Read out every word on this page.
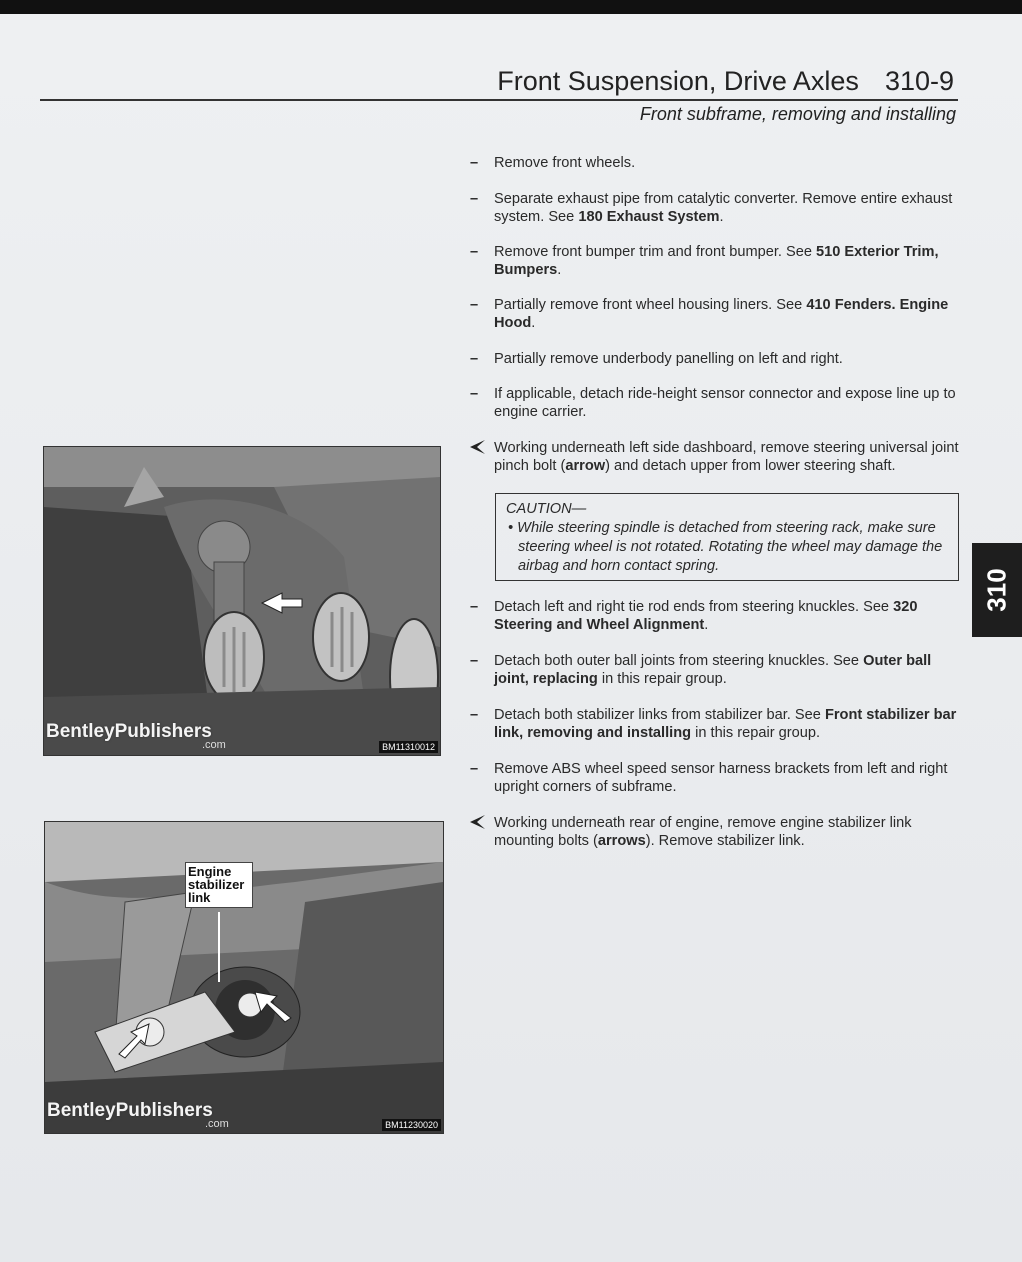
Front Suspension, Drive Axles 310-9
Front subframe, removing and installing
–	Remove front wheels.
–	Separate exhaust pipe from catalytic converter. Remove entire exhaust system. See 180 Exhaust System.
–	Remove front bumper trim and front bumper. See 510 Exterior Trim, Bumpers.
–	Partially remove front wheel housing liners. See 410 Fenders. Engine Hood.
–	Partially remove underbody panelling on left and right.
–	If applicable, detach ride-height sensor connector and expose line up to engine carrier.
Working underneath left side dashboard, remove steering universal joint pinch bolt (arrow) and detach upper from lower steering shaft.
–	Detach left and right tie rod ends from steering knuckles. See 320 Steering and Wheel Alignment.
–	Detach both outer ball joints from steering knuckles. See Outer ball joint, replacing in this repair group.
–	Detach both stabilizer links from stabilizer bar. See Front stabilizer bar link, removing and installing in this repair group.
–	Remove ABS wheel speed sensor harness brackets from left and right upright corners of subframe.
Working underneath rear of engine, remove engine stabilizer link mounting bolts (arrows). Remove stabilizer link.
CAUTION—
• While steering spindle is detached from steering rack, make sure steering wheel is not rotated. Rotating the wheel may damage the airbag and horn contact spring.
310
BentleyPublishers
.com	BM11310012
Engine stabilizer link
BentleyPublishers
.com	BM11230020
